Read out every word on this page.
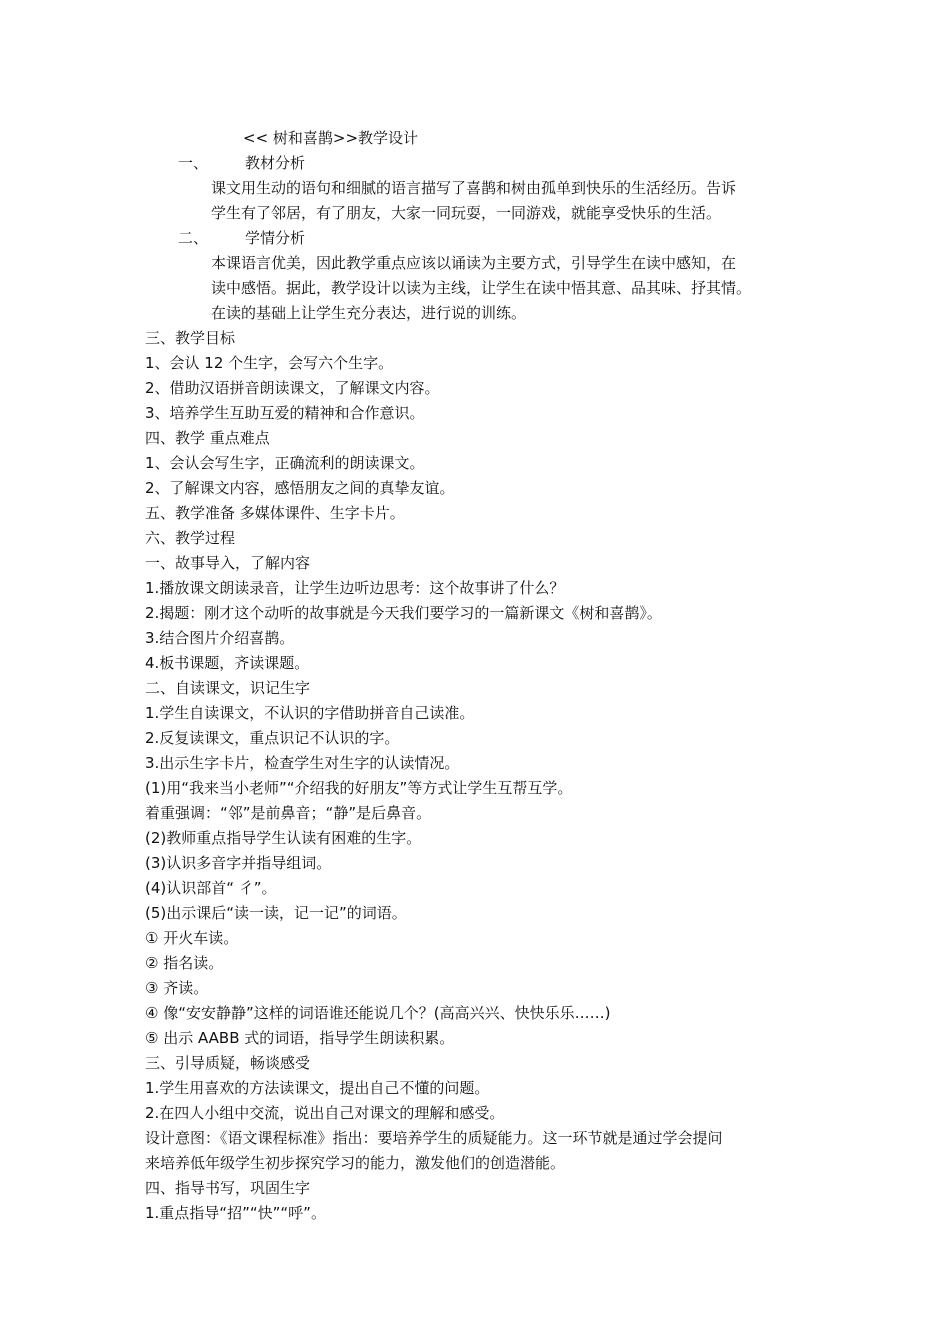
<< 树和喜鹊>>教学设计
一、 教材分析
课文用生动的语句和细腻的语言描写了喜鹊和树由孤单到快乐的生活经历。告诉
学生有了邻居，有了朋友，大家一同玩耍，一同游戏，就能享受快乐的生活。
二、 学情分析
本课语言优美，因此教学重点应该以诵读为主要方式，引导学生在读中感知，在
读中感悟。据此，教学设计以读为主线，让学生在读中悟其意、品其味、抒其情。
在读的基础上让学生充分表达，进行说的训练。
三、教学目标
1、会认 12 个生字，会写六个生字。
2、借助汉语拼音朗读课文，了解课文内容。
3、培养学生互助互爱的精神和合作意识。
四、教学 重点难点
1、会认会写生字，正确流利的朗读课文。
2、了解课文内容，感悟朋友之间的真挚友谊。
五、教学准备 多媒体课件、生字卡片。
六、教学过程
一、故事导入，了解内容
1.播放课文朗读录音，让学生边听边思考：这个故事讲了什么？
2.揭题：刚才这个动听的故事就是今天我们要学习的一篇新课文《树和喜鹊》。
3.结合图片介绍喜鹊。
4.板书课题，齐读课题。
二、自读课文，识记生字
1.学生自读课文，不认识的字借助拼音自己读准。
2.反复读课文，重点识记不认识的字。
3.出示生字卡片，检查学生对生字的认读情况。
(1)用“我来当小老师”“介绍我的好朋友”等方式让学生互帮互学。
着重强调：“邻”是前鼻音；“静”是后鼻音。
(2)教师重点指导学生认读有困难的生字。
(3)认识多音字并指导组词。
(4)认识部首“ 彳”。
(5)出示课后“读一读，记一记”的词语。
① 开火车读。
② 指名读。
③ 齐读。
④ 像“安安静静”这样的词语谁还能说几个？(高高兴兴、快快乐乐……)
⑤ 出示 AABB 式的词语，指导学生朗读积累。
三、引导质疑，畅谈感受
1.学生用喜欢的方法读课文，提出自己不懂的问题。
2.在四人小组中交流，说出自己对课文的理解和感受。
设计意图：《语文课程标准》指出：要培养学生的质疑能力。这一环节就是通过学会提问
来培养低年级学生初步探究学习的能力，激发他们的创造潜能。
四、指导书写，巩固生字
1.重点指导“招”“快”“呼”。
